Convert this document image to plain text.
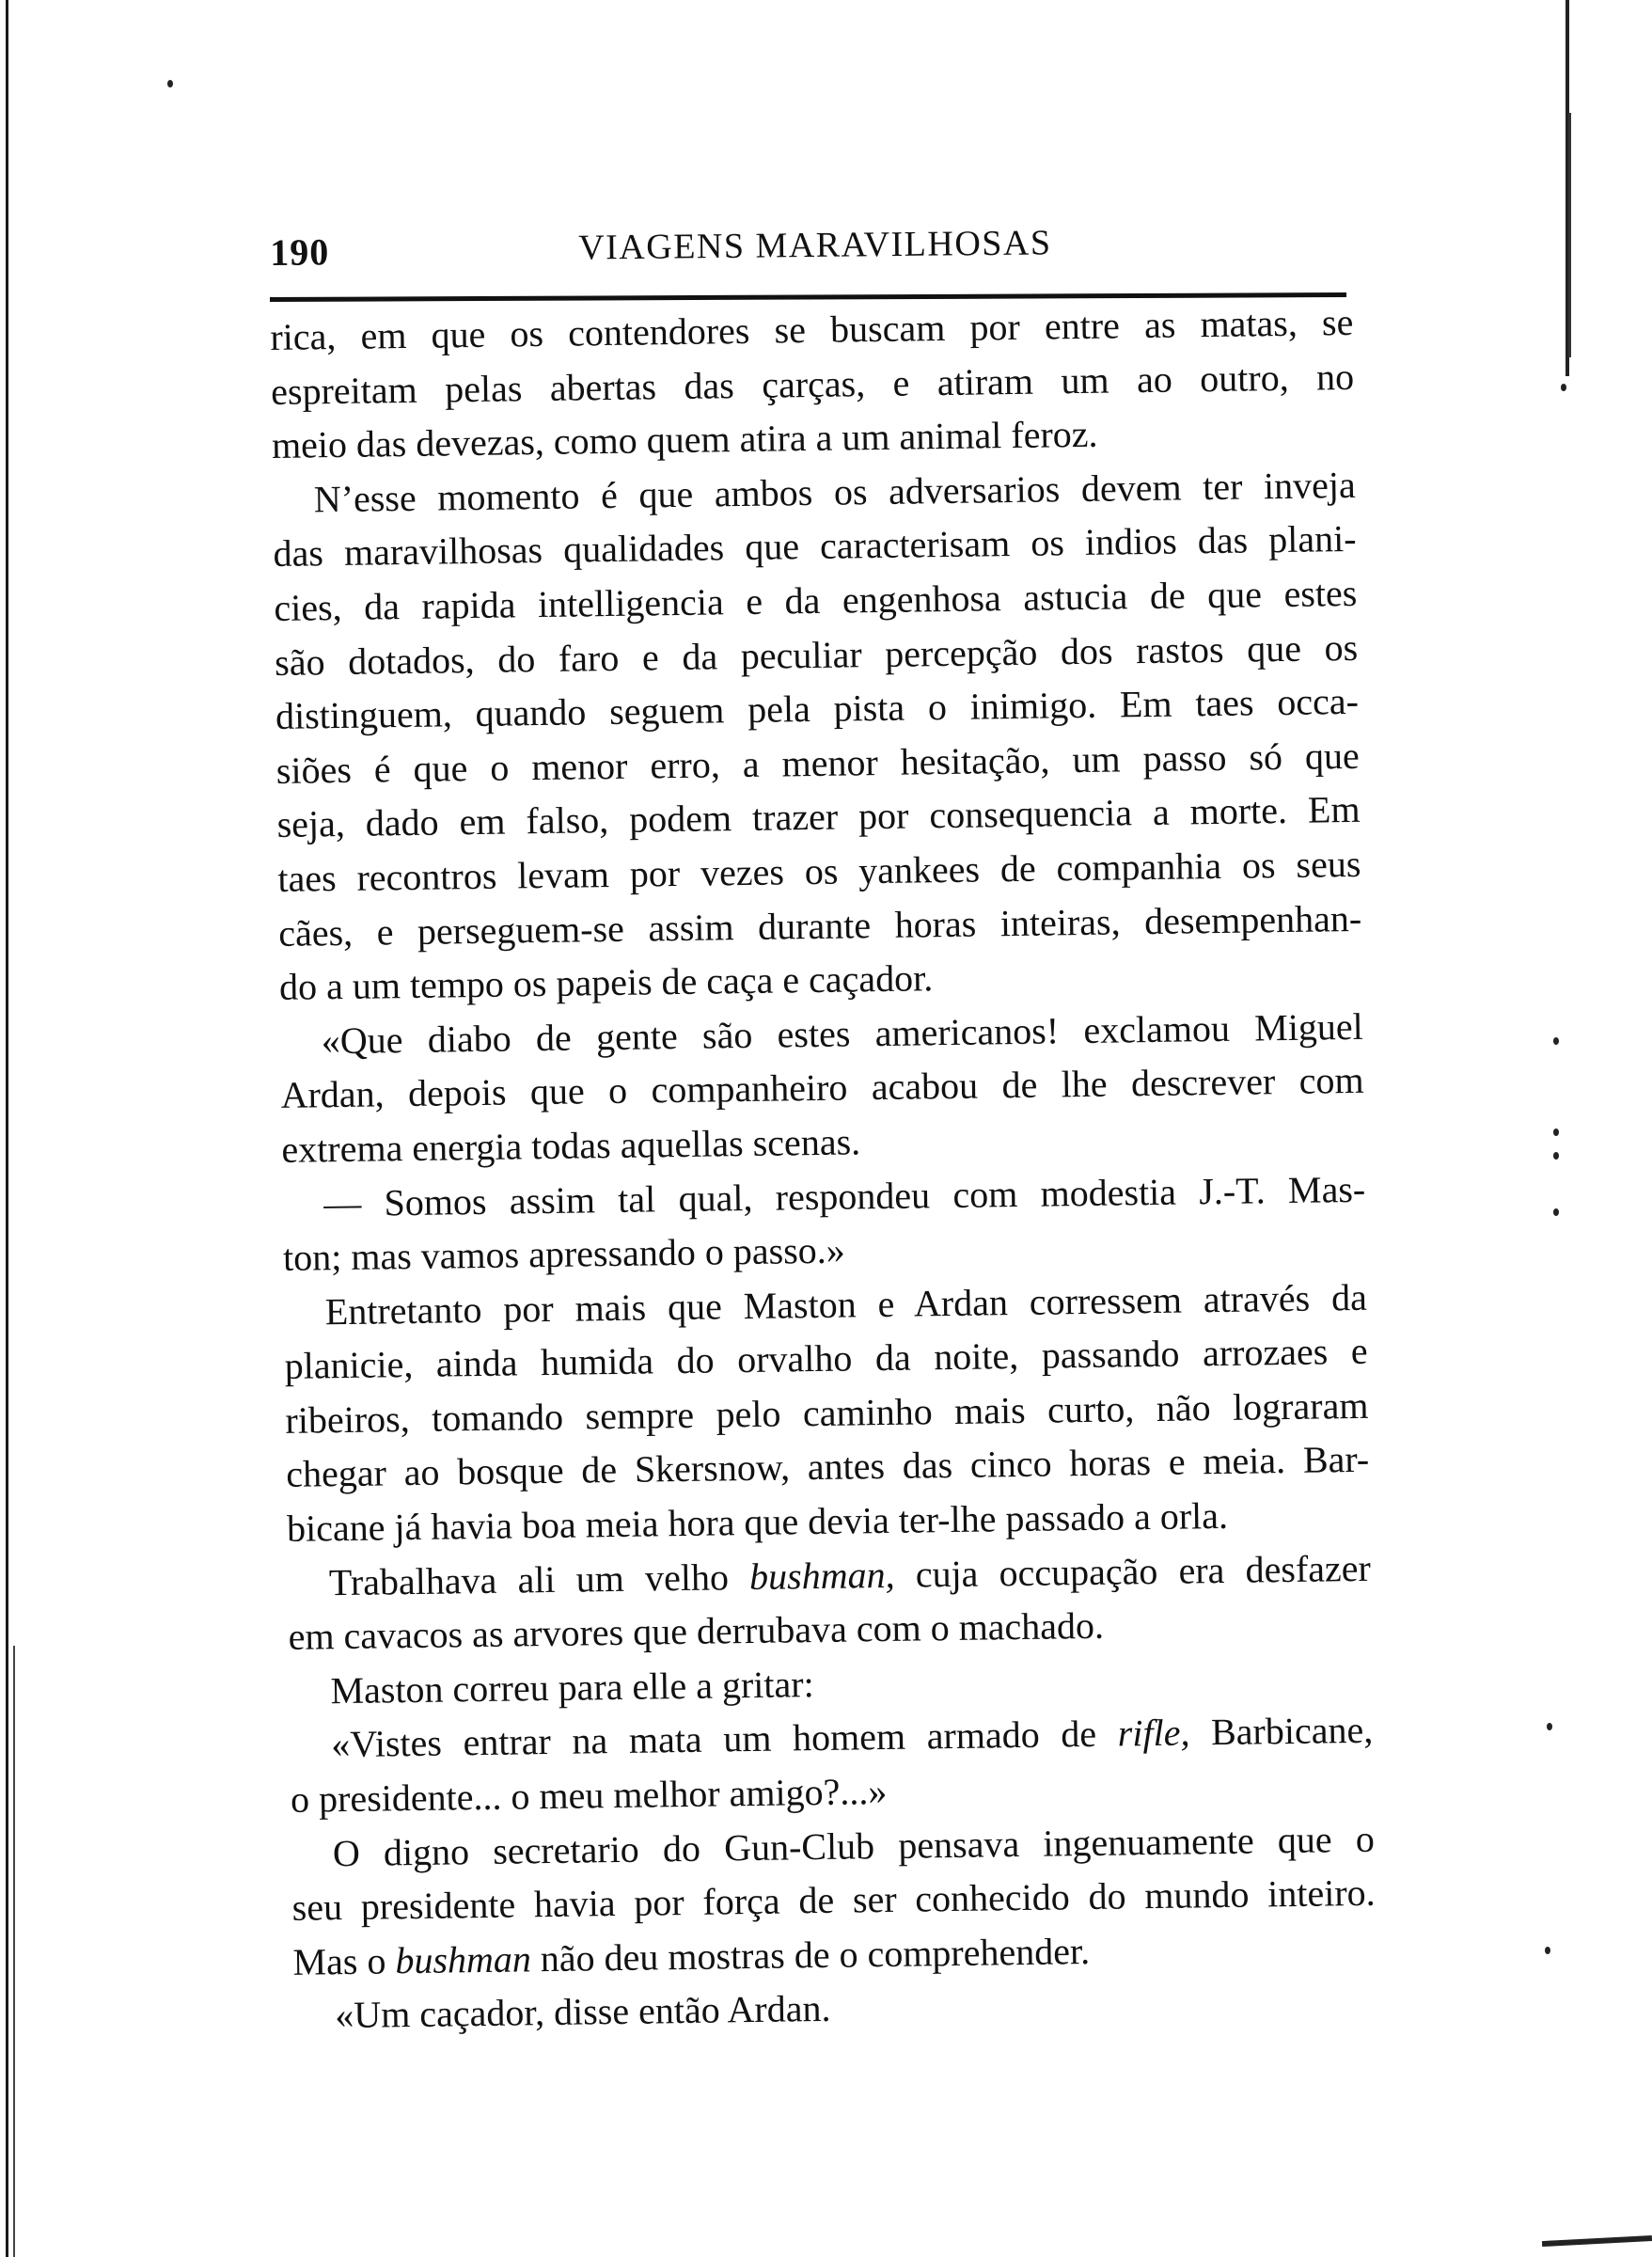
190	VIAGENS MARAVILHOSAS
rica, em que os contendores se buscam por entre as matas, se
espreitam pelas abertas das çarças, e atiram um ao outro, no
meio das devezas, como quem atira a um animal feroz.
N’esse momento é que ambos os adversarios devem ter inveja
das maravilhosas qualidades que caracterisam os indios das plani-
cies, da rapida intelligencia e da engenhosa astucia de que estes
são dotados, do faro e da peculiar percepção dos rastos que os
distinguem, quando seguem pela pista o inimigo. Em taes occa-
siões é que o menor erro, a menor hesitação, um passo só que
seja, dado em falso, podem trazer por consequencia a morte. Em
taes recontros levam por vezes os yankees de companhia os seus
cães, e perseguem-se assim durante horas inteiras, desempenhan-
do a um tempo os papeis de caça e caçador.
«Que diabo de gente são estes americanos! exclamou Miguel
Ardan, depois que o companheiro acabou de lhe descrever com
extrema energia todas aquellas scenas.
— Somos assim tal qual, respondeu com modestia J.-T. Mas-
ton; mas vamos apressando o passo.»
Entretanto por mais que Maston e Ardan corressem através da
planicie, ainda humida do orvalho da noite, passando arrozaes e
ribeiros, tomando sempre pelo caminho mais curto, não lograram
chegar ao bosque de Skersnow, antes das cinco horas e meia. Bar-
bicane já havia boa meia hora que devia ter-lhe passado a orla.
Trabalhava ali um velho bushman, cuja occupação era desfazer
em cavacos as arvores que derrubava com o machado.
Maston correu para elle a gritar:
«Vistes entrar na mata um homem armado de rifle, Barbicane,
o presidente... o meu melhor amigo?...»
O digno secretario do Gun-Club pensava ingenuamente que o
seu presidente havia por força de ser conhecido do mundo inteiro.
Mas o bushman não deu mostras de o comprehender.
«Um caçador, disse então Ardan.
